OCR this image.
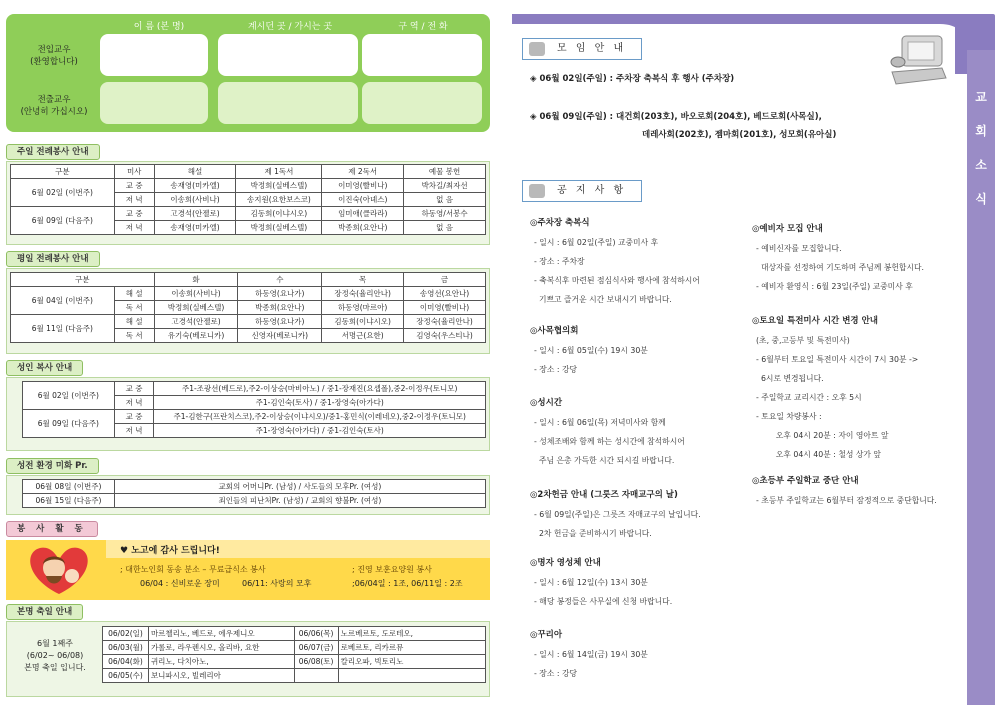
이 름 (본 명)	계시던 곳 / 가시는 곳	구 역 / 전 화
전입교우
(환영합니다)
전출교우
(안녕히 가십시오)
주일 전례봉사 안내
구분	미사	해설	제 1독서	제 2독서	예물 봉헌
6월 02일 (이번주)	교 중	송재영(미카엘)	박정희(실베스텔)	이미영(빨비나)	박차길/최자선
	저 녁	이송희(사비나)	송지원(요한보스코)	이진숙(아녜스)	없 음
6월 09일 (다음주)	교 중	고경석(안젤로)	김동희(이냐시오)	임미애(클라라)	하동영/서봉수
	저 녁	송재영(미카엘)	박정희(실베스텔)	박종희(요안나)	없 음
평일 전례봉사 안내
구분		화	수	목	금
6월 04일 (이번주)	해 설	이송희(사비나)	하동영(요나가)	장정숙(율리안나)	송영선(요안나)
	독 서	박정희(실베스텔)	박종희(요안나)	하동영(마르아)	이미영(빨비나)
6월 11일 (다음주)	해 설	고경석(안젤로)	하동영(요나가)	김동희(이냐시오)	장정숙(율리안나)
	독 서	유기숙(베로니카)	신영자(베로니카)	서명근(요한)	김영숙(우스티나)
성인 복사 안내
6월 02일 (이번주)	교 중	주1-조광선(베드로),주2-이상승(마비아노) / 중1-장재진(요셉폴),중2-이정우(토니모)
	저 녁	주1-김인숙(토사) / 중1-장영숙(아가다)
6월 09일 (다음주)	교 중	주1-김한구(프란치스코),주2-이상승(이냐시오)/중1-홍민식(이레네오),중2-이정우(토니모)
	저 녁	주1-장영숙(아가다) / 중1-김인숙(토사)
성전 환경 미화 Pr.
06월 08일 (이번주)	교회의 어머니Pr. (남성) / 사도들의 모후Pr. (여성)
06월 15일 (다음주)	죄인들의 피난처Pr. (남성) / 교회의 향불Pr. (여성)
봉 사 활 동
♥ 노고에 감사 드립니다!
; 대한노인회 동송 분소 – 무료급식소 봉사	; 진영 보훈요양원 봉사
06/04 : 신비로운 장미	06/11: 사랑의 모후	;06/04일 : 1조, 06/11일 : 2조
본명 축일 안내
6월 1째주
(6/02~ 06/08)
본명 축일 입니다.
06/02(일)	마르첼리노, 베드로, 에우제니오	06/06(목)	노르베르토, 도로테오,
06/03(월)	가롤로, 라우렌시오, 올리바, 요한	06/07(금)	로베르토, 리카르뮤
06/04(화)	귀리노, 다치아노,	06/08(토)	칼리오파, 빅토리노
06/05(수)	보니파시오, 빌레리아		
교
회
소
식
모 임 안 내
◈ 06월 02일(주일) : 주차장 축복식 후 행사 (주차장)
◈ 06월 09일(주일) : 대건회(203호), 바오로회(204호), 베드로회(사목실),
데레사회(202호), 젬마회(201호), 성모회(유아실)
공 지 사 항
◎주차장 축복식
- 일시 : 6월 02일(주일) 교중미사 후
- 장소 : 주차장
- 축복식후 마련된 점심식사와 행사에 참석하시어
기쁘고 즐거운 시간 보내시기 바랍니다.
◎사목협의회
- 일시 : 6월 05일(수) 19시 30분
- 장소 : 강당
◎성시간
- 일시 : 6월 06일(목) 저녁미사와 함께
- 성체조배와 함께 하는 성시간에 참석하시어
주님 은총 가득한 시간 되시길 바랍니다.
◎2차헌금 안내 (그릇즈 자매교구의 날)
- 6월 09일(주일)은 그릇즈 자매교구의 날입니다.
2차 헌금을 준비하시기 바랍니다.
◎명자 영성체 안내
- 일시 : 6월 12일(수) 13시 30분
- 해당 봉정들은 사무실에 신청 바랍니다.
◎꾸리아
- 일시 : 6월 14일(금) 19시 30분
- 장소 : 강당
◎예비자 모집 안내
- 예비신자를 모집합니다.
대상자를 선정하여 기도하며 주님께 봉헌합시다.
- 예비자 환영식 : 6월 23일(주일) 교중미사 후
◎토요일 특전미사 시간 변경 안내
(초, 중,고등부 및 특전미사)
- 6월부터 토요일 특전미사 시간이 7시 30분 ->
6시로 변경됩니다.
- 주일학교 교리시간 : 오후 5시
- 토요일 차량봉사 :
오후 04시 20분 : 자이 영아트 앞
오후 04시 40분 : 철성 상가 앞
◎초등부 주일학교 중단 안내
- 초등부 주일학교는 6월부터 잠정적으로 중단합니다.
